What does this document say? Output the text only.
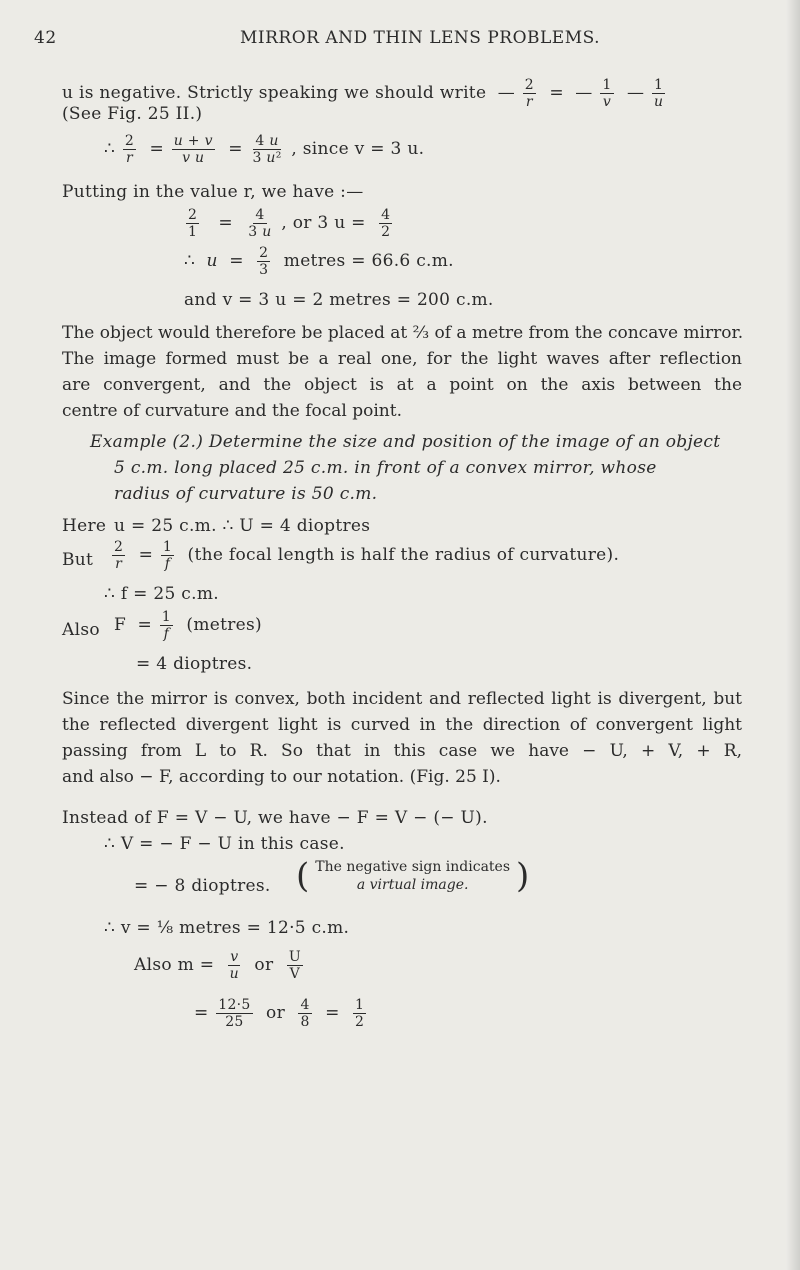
42	MIRROR AND THIN LENS PROBLEMS.
u is negative. Strictly speaking we should write  — $\frac{2}{r}$ =  — $\frac{1}{v}$ — $\frac{1}{u}$
(See Fig. 25 II.)
∴ $\frac{2}{r} = \frac{u + v}{\text{v u}} = \frac{4 u}{\text{3 u²}}$ , since v = 3 u.
Putting in the value r, we have :—
$\frac{2}{1} = \frac{4}{3 u}$ , or 3 $u = \frac{4}{2}$
∴  $u = \frac{2}{3}$ metres = 66.6 c.m.
and v = 3 u = 2 metres = 200 c.m.
The object would therefore be placed at ⅔ of a metre from the concave mirror.
The image formed must be a real one, for the light waves after reflection
are convergent, and the object is at a point on the axis between the
centre of curvature and the focal point.
Example (2.) Determine the size and position of the image of an object
5 c.m. long placed 25 c.m. in front of a convex mirror, whose
radius of curvature is 50 c.m.
Here u = 25 c.m. ∴ U = 4 dioptres
But $\frac{2}{r} = \frac{1}{f} (the$ focal length is half the radius of curvature).
∴ f = 25 c.m.
Also $F = \frac{1}{f}$ (metres)
= 4 dioptres.
Since the mirror is convex, both incident and reflected light is divergent, but
the reflected divergent light is curved in the direction of convergent light
passing from L to R. So that in this case we have − U, + V, + R,
and also − F, according to our notation. (Fig. 25 I).
Instead of F = V − U, we have − F = V − (− U).
∴ V = − F − U in this case.
= − 8 dioptres. ( The negative sign indicates
a virtual image.	)
∴ v = ⅛ metres = 12·5 c.m.
Also $m = \frac{v}{u}$ or $\frac{U}{V}$
= $\frac{12\cdot 5}{25}$ or $\frac{4}{8} = \frac{1}{2}$
